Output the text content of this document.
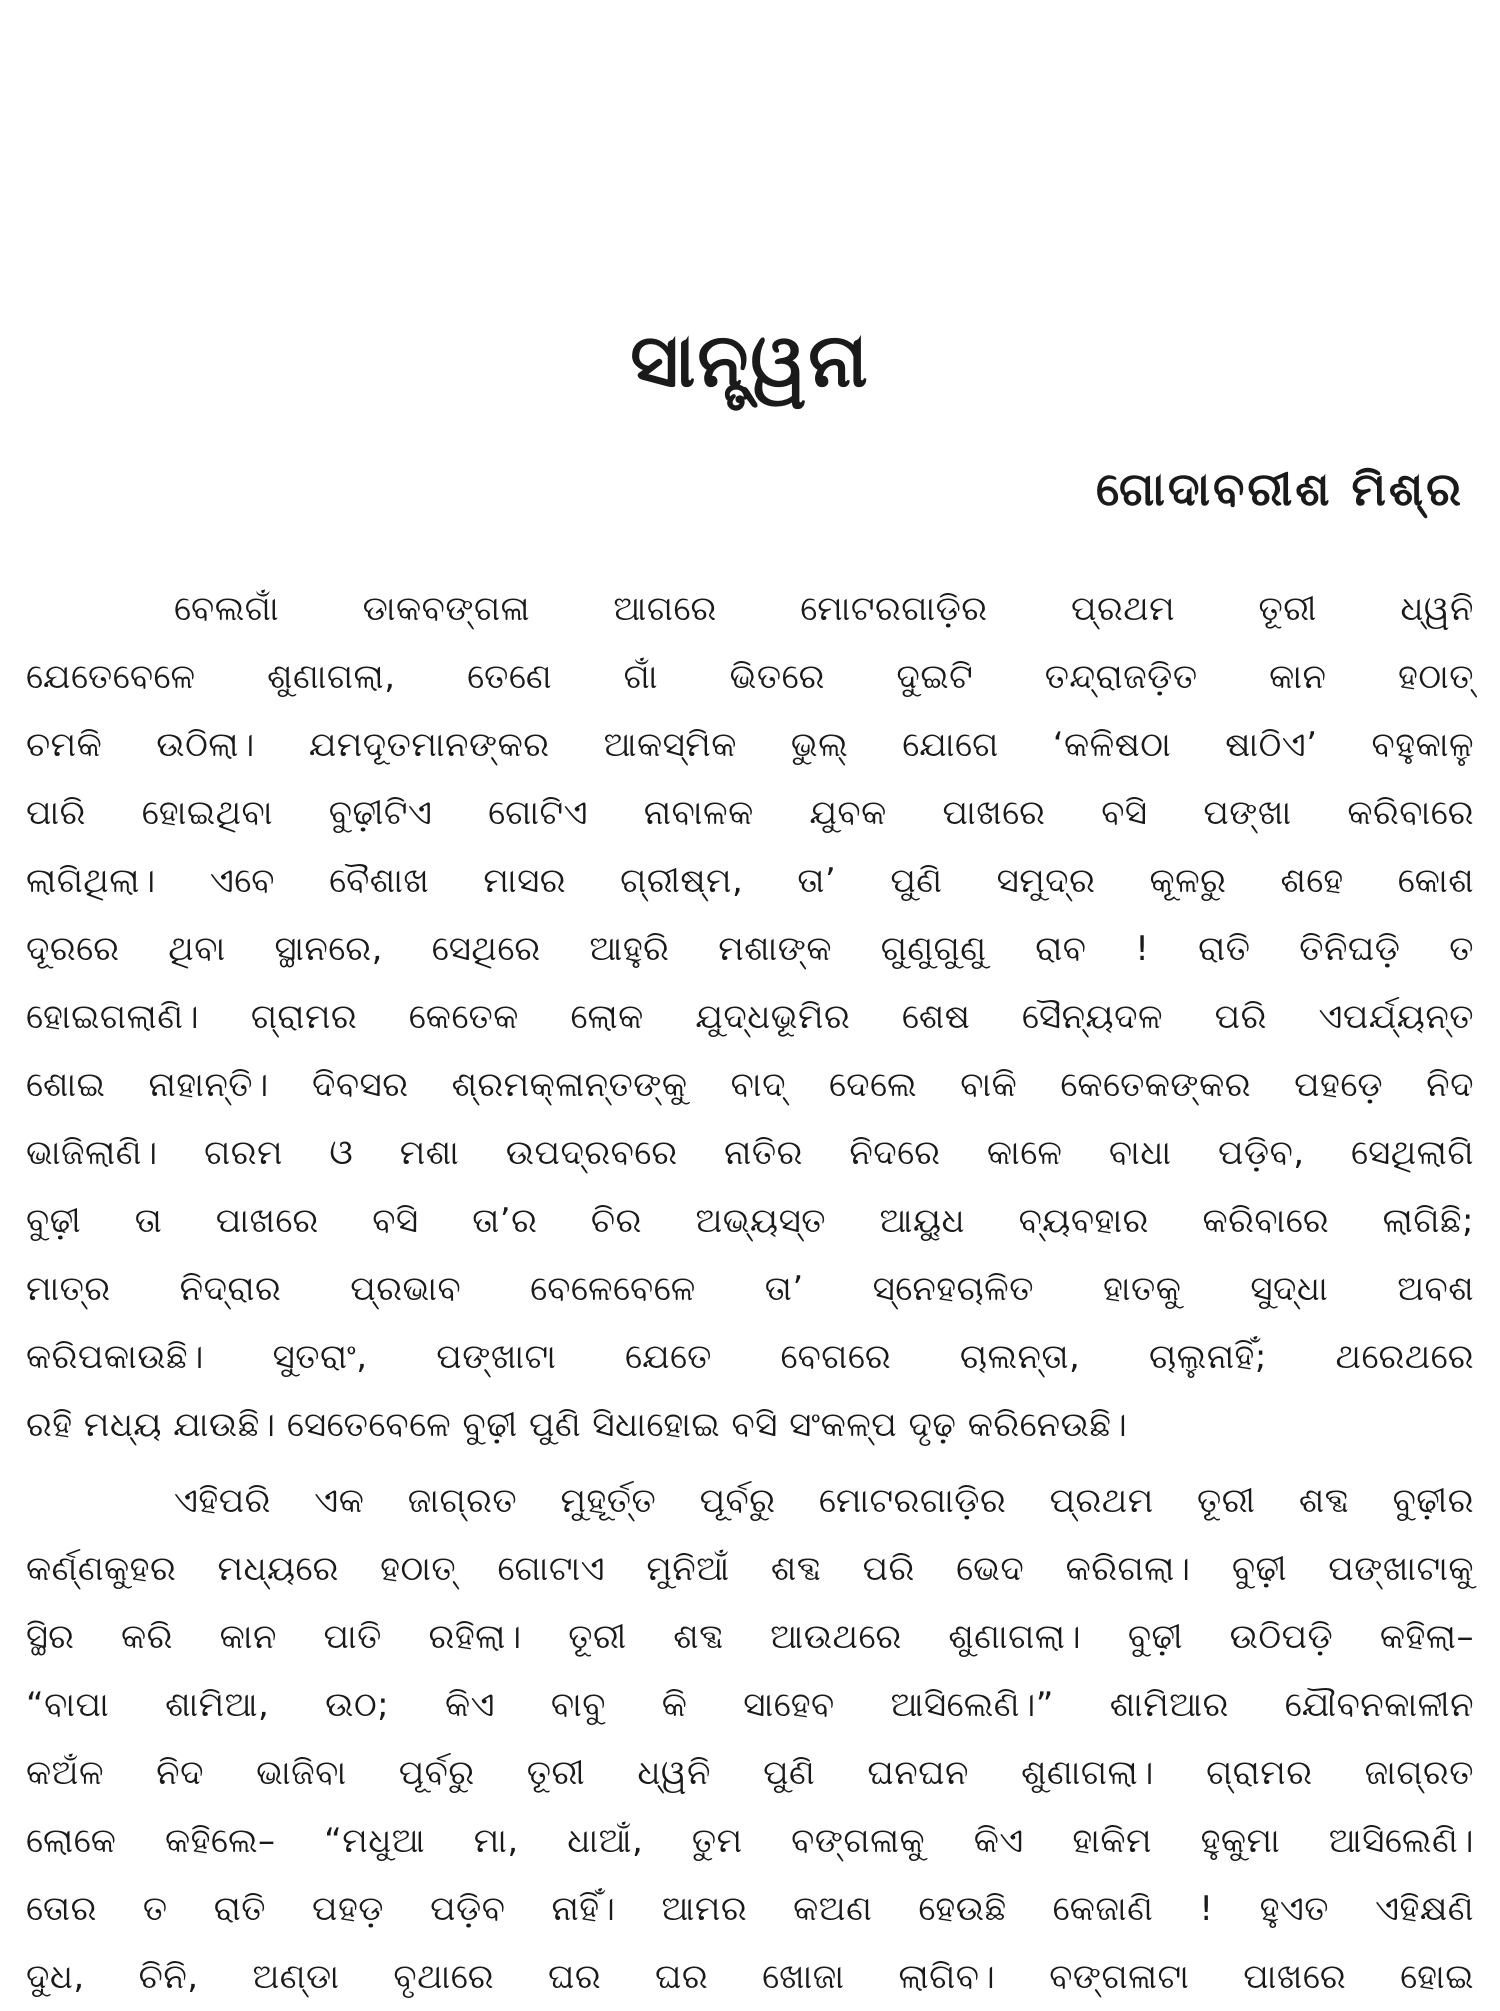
ସାନ୍ତ୍ୱନା
ଗୋଦାବରୀଶ ମିଶ୍ର
ବେଲଗାଁ ଡାକବଙ୍ଗଳା ଆଗରେ ମୋଟରଗାଡ଼ିର ପ୍ରଥମ ତୂରୀ ଧ୍ୱନି
ଯେତେବେଳେ ଶୁଣାଗଲା, ତେଣେ ଗାଁ ଭିତରେ ଦୁଇଟି ତନ୍ଦ୍ରାଜଡ଼ିତ କାନ ହଠାତ୍
ଚମକି ଉଠିଲା। ଯମଦୂତମାନଙ୍କର ଆକସ୍ମିକ ଭୁଲ୍ ଯୋଗେ ‘କଳିଷଠା ଷାଠିଏ’ ବହୁକାଳୁ
ପାରି ହୋଇଥିବା ବୁଢ଼ୀଟିଏ ଗୋଟିଏ ନାବାଳକ ଯୁବକ ପାଖରେ ବସି ପଙ୍ଖା କରିବାରେ
ଲାଗିଥିଲା। ଏବେ ବୈଶାଖ ମାସର ଗ୍ରୀଷ୍ମ, ତା’ ପୁଣି ସମୁଦ୍ର କୂଳରୁ ଶହେ କୋଶ
ଦୂରରେ ଥିବା ସ୍ଥାନରେ, ସେଥିରେ ଆହୁରି ମଶାଙ୍କ ଗୁଣୁଗୁଣୁ ରାବ ! ରାତି ତିନିଘଡ଼ି ତ
ହୋଇଗଲାଣି। ଗ୍ରାମର କେତେକ ଲୋକ ଯୁଦ୍ଧଭୂମିର ଶେଷ ସୈନ୍ୟଦଳ ପରି ଏପର୍ଯ୍ୟନ୍ତ
ଶୋଇ ନାହାନ୍ତି। ଦିବସର ଶ୍ରମକ୍ଳାନ୍ତଙ୍କୁ ବାଦ୍ ଦେଲେ ବାକି କେତେକଙ୍କର ପହଡ଼େ ନିଦ
ଭାଜିଲାଣି। ଗରମ ଓ ମଶା ଉପଦ୍ରବରେ ନାତିର ନିଦରେ କାଳେ ବାଧା ପଡ଼ିବ, ସେଥିଲାଗି
ବୁଢ଼ୀ ତା ପାଖରେ ବସି ତା’ର ଚିର ଅଭ୍ୟସ୍ତ ଆୟୁଧ ବ୍ୟବହାର କରିବାରେ ଲାଗିଛି;
ମାତ୍ର ନିଦ୍ରାର ପ୍ରଭାବ ବେଳେବେଳେ ତା’ ସ୍ନେହଚାଳିତ ହାତକୁ ସୁଦ୍ଧା ଅବଶ
କରିପକାଉଛି। ସୁତରାଂ, ପଙ୍ଖାଟା ଯେତେ ବେଗରେ ଚାଲନ୍ତା, ଚାଲୁନାହିଁ; ଥରେଥରେ
ରହି ମଧ୍ୟ ଯାଉଛି। ସେତେବେଳେ ବୁଢ଼ୀ ପୁଣି ସିଧାହୋଇ ବସି ସଂକଳ୍ପ ଦୃଢ଼ କରିନେଉଛି।
ଏହିପରି ଏକ ଜାଗ୍ରତ ମୁହୂର୍ତ୍ତ ପୂର୍ବରୁ ମୋଟରଗାଡ଼ିର ପ୍ରଥମ ତୂରୀ ଶବ୍ଦ ବୁଢ଼ୀର
କର୍ଣ୍ଣକୁହର ମଧ୍ୟରେ ହଠାତ୍ ଗୋଟାଏ ମୁନିଆଁ ଶବ୍ଦ ପରି ଭେଦ କରିଗଲା। ବୁଢ଼ୀ ପଙ୍ଖାଟାକୁ
ସ୍ଥିର କରି କାନ ପାତି ରହିଲା। ତୂରୀ ଶବ୍ଦ ଆଉଥରେ ଶୁଣାଗଲା। ବୁଢ଼ୀ ଉଠିପଡ଼ି କହିଲା–
“ବାପା ଶାମିଆ, ଉଠ; କିଏ ବାବୁ କି ସାହେବ ଆସିଲେଣି।” ଶାମିଆର ଯୌବନକାଳୀନ
କଅଁଳ ନିଦ ଭାଜିବା ପୂର୍ବରୁ ତୂରୀ ଧ୍ୱନି ପୁଣି ଘନଘନ ଶୁଣାଗଲା। ଗ୍ରାମର ଜାଗ୍ରତ
ଲୋକେ କହିଲେ– “ମଧୁଆ ମା, ଧାଆଁ, ତୁମ ବଙ୍ଗଳାକୁ କିଏ ହାକିମ ହୁକୁମା ଆସିଲେଣି।
ତୋର ତ ରାତି ପହଡ଼ ପଡ଼ିବ ନାହିଁ। ଆମର କଅଣ ହେଉଛି କେଜାଣି ! ହୁଏତ ଏହିକ୍ଷଣି
ଦୁଧ, ଚିନି, ଅଣ୍ଡା ବୃଥାରେ ଘର ଘର ଖୋଜା ଲାଗିବ। ବଙ୍ଗଳାଟା ପାଖରେ ହୋଇ
